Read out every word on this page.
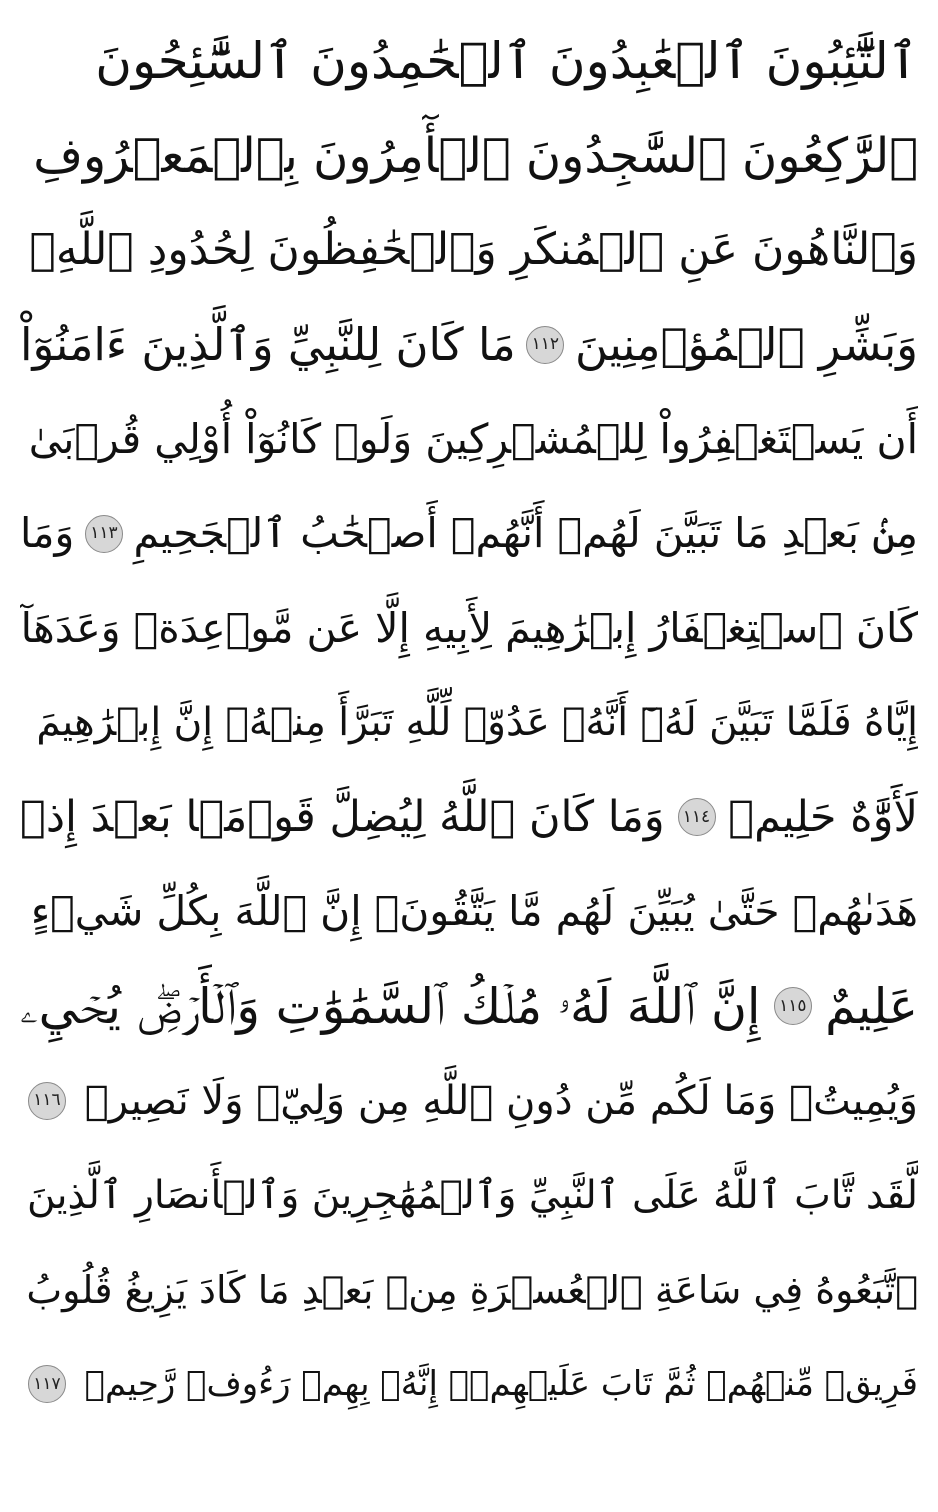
ٱلتَّٰٓئِبُونَ ٱلۡعَٰبِدُونَ ٱلۡحَٰمِدُونَ ٱلسَّٰٓئِحُونَ
ٱلرَّٰكِعُونَ ٱلسَّٰجِدُونَ ٱلۡأٓمِرُونَ بِٱلۡمَعۡرُوفِ
وَٱلنَّاهُونَ عَنِ ٱلۡمُنكَرِ وَٱلۡحَٰفِظُونَ لِحُدُودِ ٱللَّهِۗ
وَبَشِّرِ ٱلۡمُؤۡمِنِينَ
١١٢
مَا كَانَ لِلنَّبِيِّ وَٱلَّذِينَ ءَامَنُوٓاْ
أَن يَسۡتَغۡفِرُواْ لِلۡمُشۡرِكِينَ وَلَوۡ كَانُوٓاْ أُوْلِي قُرۡبَىٰ
مِنۢ بَعۡدِ مَا تَبَيَّنَ لَهُمۡ أَنَّهُمۡ أَصۡحَٰبُ ٱلۡجَحِيمِ
١١٣
وَمَا
كَانَ ٱسۡتِغۡفَارُ إِبۡرَٰهِيمَ لِأَبِيهِ إِلَّا عَن مَّوۡعِدَةٖ وَعَدَهَآ
إِيَّاهُ فَلَمَّا تَبَيَّنَ لَهُۥٓ أَنَّهُۥ عَدُوّٞ لِّلَّهِ تَبَرَّأَ مِنۡهُۚ إِنَّ إِبۡرَٰهِيمَ
لَأَوَّٰهٌ حَلِيمٞ
١١٤
وَمَا كَانَ ٱللَّهُ لِيُضِلَّ قَوۡمَۢا بَعۡدَ إِذۡ
هَدَىٰهُمۡ حَتَّىٰ يُبَيِّنَ لَهُم مَّا يَتَّقُونَۚ إِنَّ ٱللَّهَ بِكُلِّ شَيۡءٍ
عَلِيمٌ
١١٥
إِنَّ ٱللَّهَ لَهُۥ مُلۡكُ ٱلسَّمَٰوَٰتِ وَٱلۡأَرۡضِۖ يُحۡيِۦ
وَيُمِيتُۚ وَمَا لَكُم مِّن دُونِ ٱللَّهِ مِن وَلِيّٖ وَلَا نَصِيرٖ
١١٦
لَّقَد تَّابَ ٱللَّهُ عَلَى ٱلنَّبِيِّ وَٱلۡمُهَٰجِرِينَ وَٱلۡأَنصَارِ ٱلَّذِينَ
ٱتَّبَعُوهُ فِي سَاعَةِ ٱلۡعُسۡرَةِ مِنۢ بَعۡدِ مَا كَادَ يَزِيغُ قُلُوبُ
فَرِيقٖ مِّنۡهُمۡ ثُمَّ تَابَ عَلَيۡهِمۡۚ إِنَّهُۥ بِهِمۡ رَءُوفٞ رَّحِيمٞ
١١٧
